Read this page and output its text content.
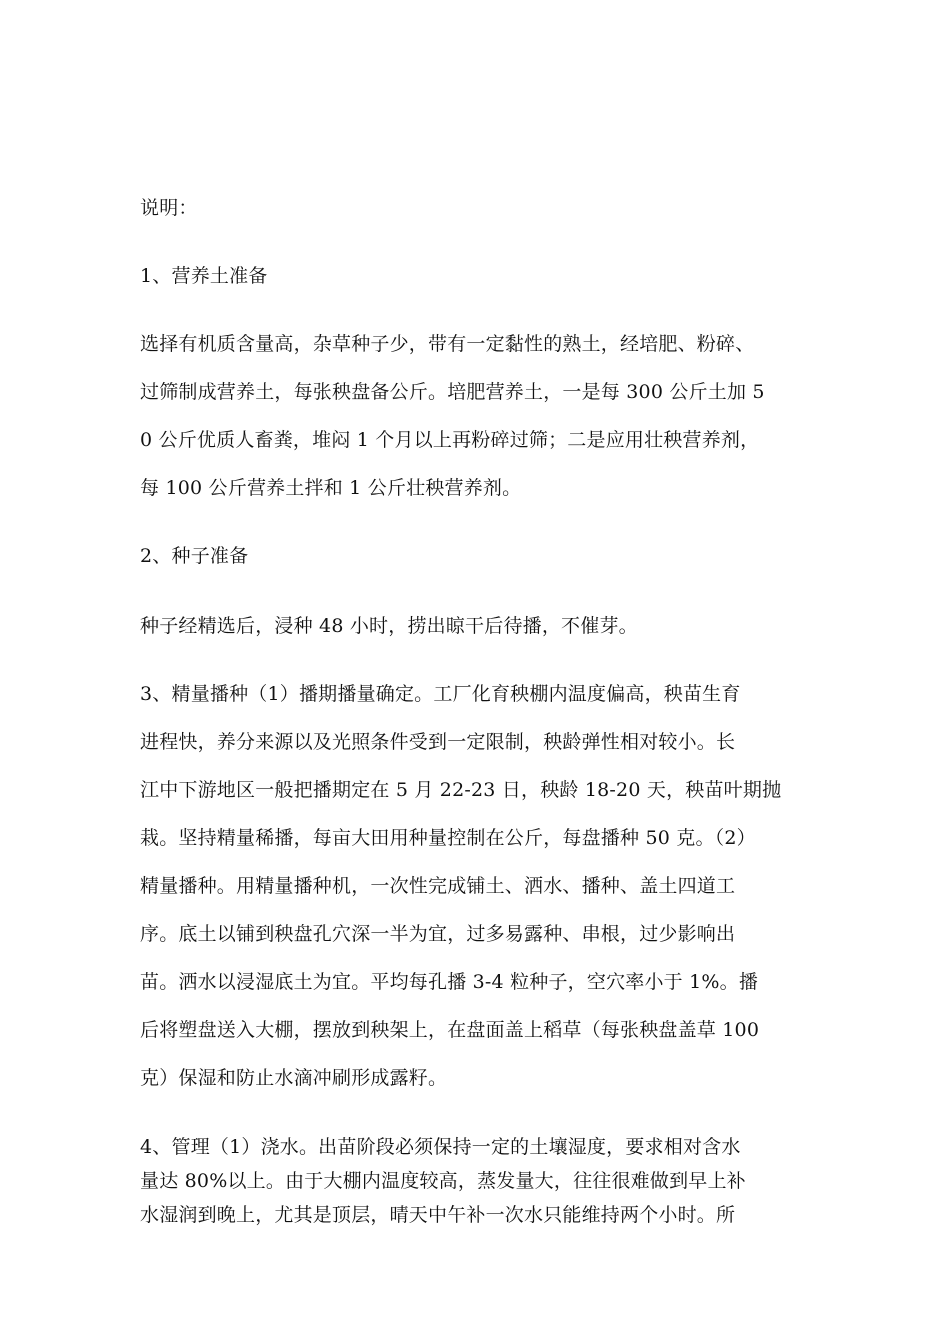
说明：

1、营养土准备

选择有机质含量高，杂草种子少，带有一定黏性的熟土，经培肥、粉碎、
过筛制成营养土，每张秧盘备公斤。培肥营养土，一是每 300 公斤土加 5
0 公斤优质人畜粪，堆闷 1 个月以上再粉碎过筛；二是应用壮秧营养剂，
每 100 公斤营养土拌和 1 公斤壮秧营养剂。

2、种子准备

种子经精选后，浸种 48 小时，捞出晾干后待播，不催芽。

3、精量播种（1）播期播量确定。工厂化育秧棚内温度偏高，秧苗生育
进程快，养分来源以及光照条件受到一定限制，秧龄弹性相对较小。长
江中下游地区一般把播期定在 5 月 22-23 日，秧龄 18-20 天，秧苗叶期抛
栽。坚持精量稀播，每亩大田用种量控制在公斤，每盘播种 50 克。（2）
精量播种。用精量播种机，一次性完成铺土、洒水、播种、盖土四道工
序。底土以铺到秧盘孔穴深一半为宜，过多易露种、串根，过少影响出
苗。洒水以浸湿底土为宜。平均每孔播 3-4 粒种子，空穴率小于 1%。播
后将塑盘送入大棚，摆放到秧架上，在盘面盖上稻草（每张秧盘盖草 100
克）保湿和防止水滴冲刷形成露籽。

4、管理（1）浇水。出苗阶段必须保持一定的土壤湿度，要求相对含水
量达 80%以上。由于大棚内温度较高，蒸发量大，往往很难做到早上补
水湿润到晚上，尤其是顶层，晴天中午补一次水只能维持两个小时。所
